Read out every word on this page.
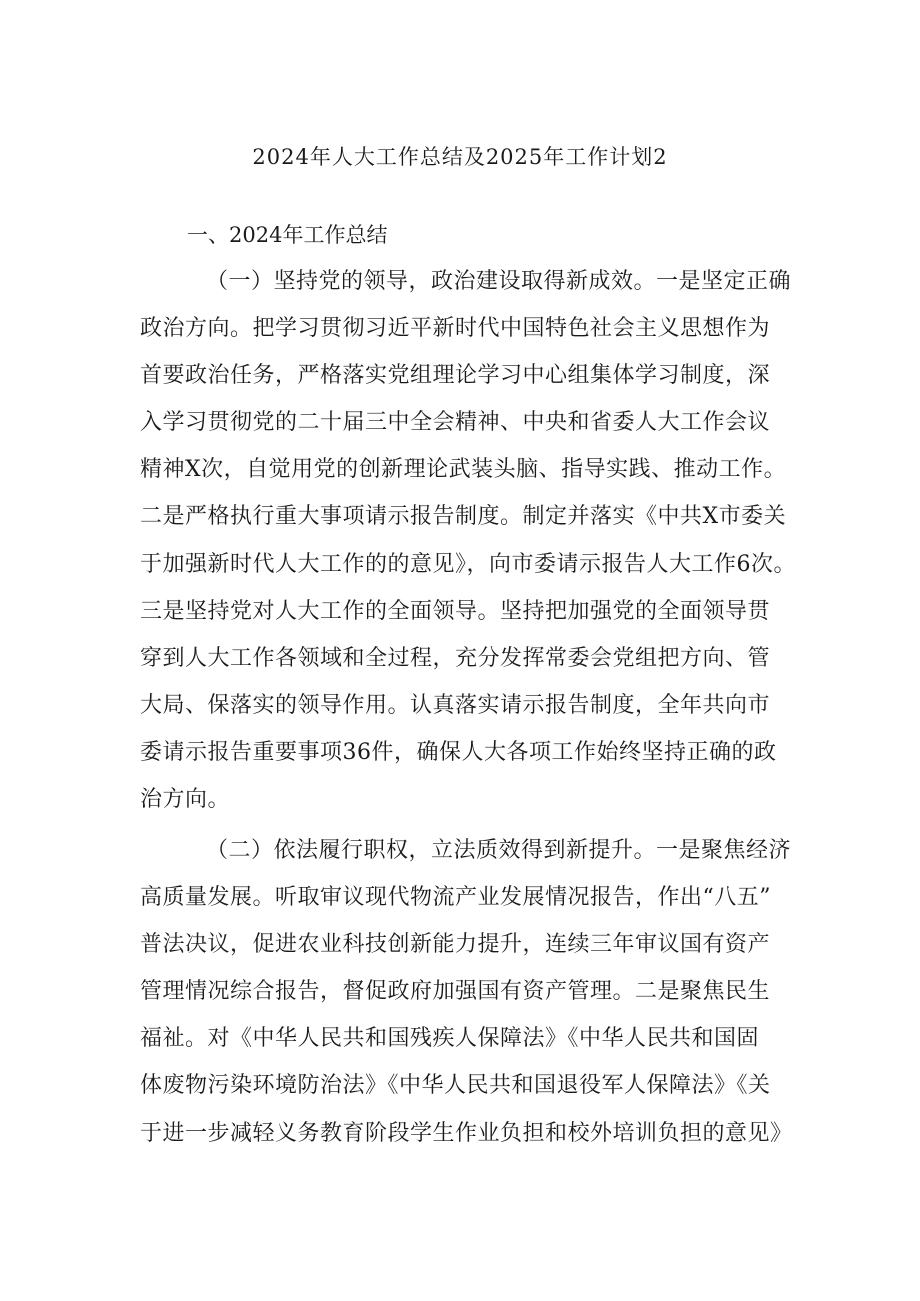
2024年人大工作总结及2025年工作计划2
一、2024年工作总结
（一）坚持党的领导，政治建设取得新成效。一是坚定正确
政治方向。把学习贯彻习近平新时代中国特色社会主义思想作为
首要政治任务，严格落实党组理论学习中心组集体学习制度，深
入学习贯彻党的二十届三中全会精神、中央和省委人大工作会议
精神X次，自觉用党的创新理论武装头脑、指导实践、推动工作。
二是严格执行重大事项请示报告制度。制定并落实《中共X市委关
于加强新时代人大工作的的意见》，向市委请示报告人大工作6次。
三是坚持党对人大工作的全面领导。坚持把加强党的全面领导贯
穿到人大工作各领域和全过程，充分发挥常委会党组把方向、管
大局、保落实的领导作用。认真落实请示报告制度，全年共向市
委请示报告重要事项36件，确保人大各项工作始终坚持正确的政
治方向。
（二）依法履行职权，立法质效得到新提升。一是聚焦经济
高质量发展。听取审议现代物流产业发展情况报告，作出“八五”
普法决议，促进农业科技创新能力提升，连续三年审议国有资产
管理情况综合报告，督促政府加强国有资产管理。二是聚焦民生
福祉。对《中华人民共和国残疾人保障法》《中华人民共和国固
体废物污染环境防治法》《中华人民共和国退役军人保障法》《关
于进一步减轻义务教育阶段学生作业负担和校外培训负担的意见》
